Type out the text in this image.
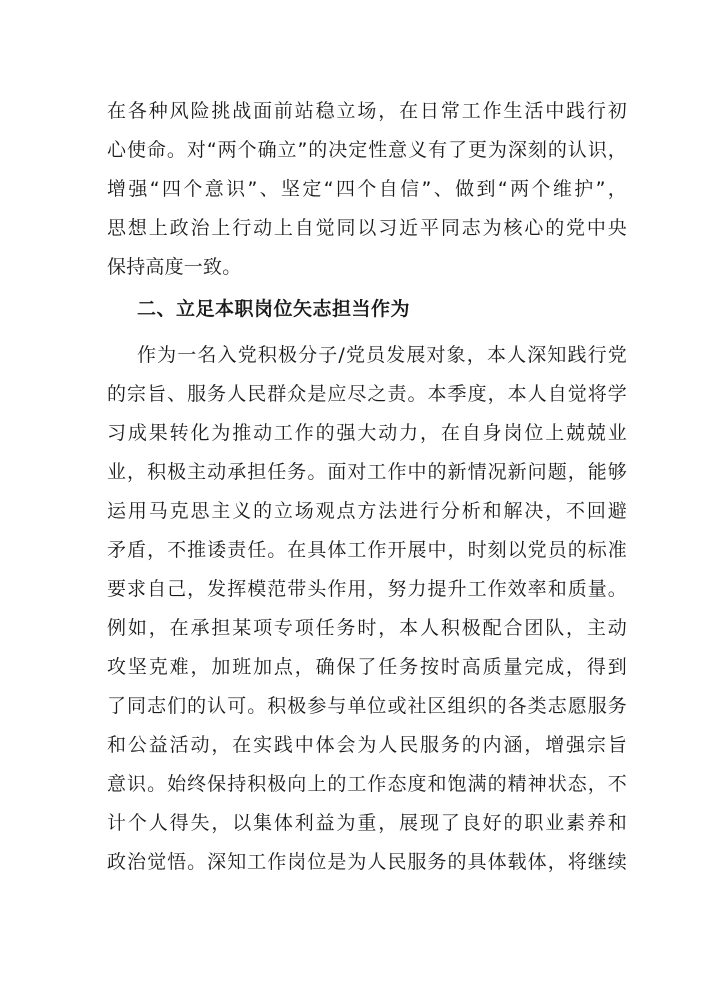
在各种风险挑战面前站稳立场，在日常工作生活中践行初
心使命。对“两个确立”的决定性意义有了更为深刻的认识，
增强“四个意识”、坚定“四个自信”、做到“两个维护”，
思想上政治上行动上自觉同以习近平同志为核心的党中央
保持高度一致。
二、立足本职岗位矢志担当作为
作为一名入党积极分子/党员发展对象，本人深知践行党
的宗旨、服务人民群众是应尽之责。本季度，本人自觉将学
习成果转化为推动工作的强大动力，在自身岗位上兢兢业
业，积极主动承担任务。面对工作中的新情况新问题，能够
运用马克思主义的立场观点方法进行分析和解决，不回避
矛盾，不推诿责任。在具体工作开展中，时刻以党员的标准
要求自己，发挥模范带头作用，努力提升工作效率和质量。
例如，在承担某项专项任务时，本人积极配合团队，主动
攻坚克难，加班加点，确保了任务按时高质量完成，得到
了同志们的认可。积极参与单位或社区组织的各类志愿服务
和公益活动，在实践中体会为人民服务的内涵，增强宗旨
意识。始终保持积极向上的工作态度和饱满的精神状态，不
计个人得失，以集体利益为重，展现了良好的职业素养和
政治觉悟。深知工作岗位是为人民服务的具体载体，将继续
